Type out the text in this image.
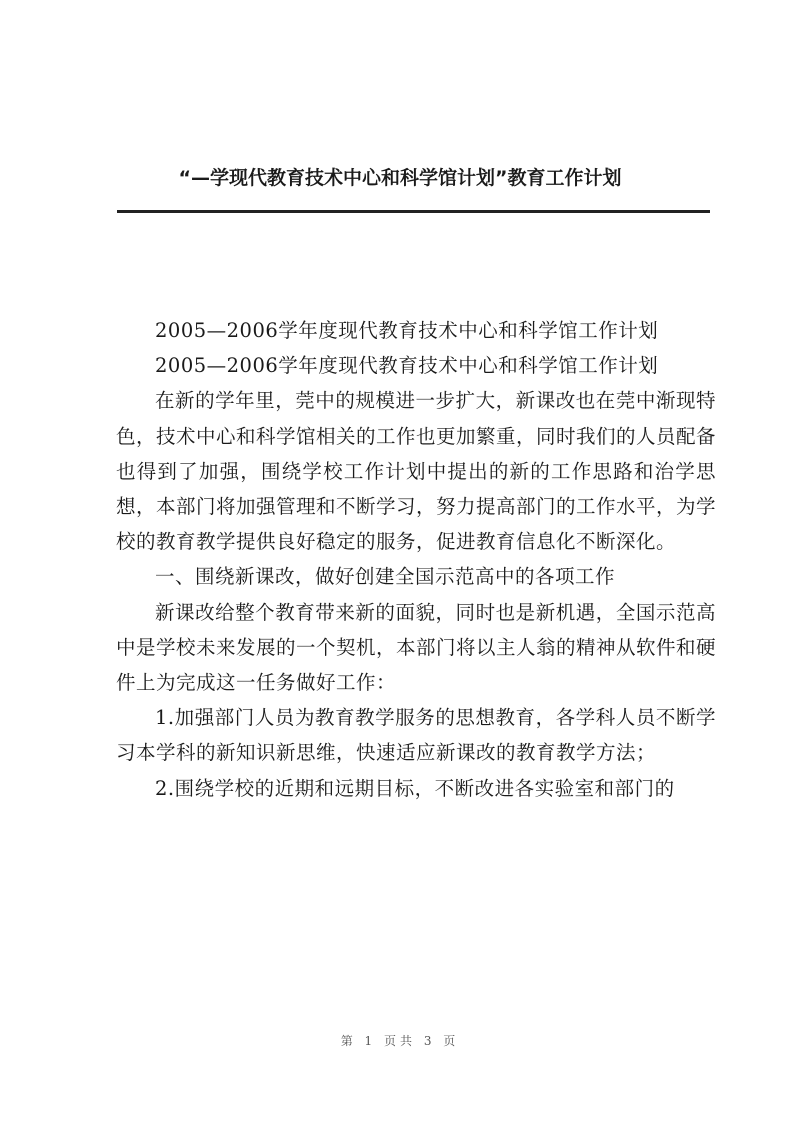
“—学现代教育技术中心和科学馆计划”教育工作计划

2005—2006学年度现代教育技术中心和科学馆工作计划

2005—2006学年度现代教育技术中心和科学馆工作计划

在新的学年里，莞中的规模进一步扩大，新课改也在莞中渐现特色，技术中心和科学馆相关的工作也更加繁重，同时我们的人员配备也得到了加强，围绕学校工作计划中提出的新的工作思路和治学思想，本部门将加强管理和不断学习，努力提高部门的工作水平，为学校的教育教学提供良好稳定的服务，促进教育信息化不断深化。

一、围绕新课改，做好创建全国示范高中的各项工作

新课改给整个教育带来新的面貌，同时也是新机遇，全国示范高中是学校未来发展的一个契机，本部门将以主人翁的精神从软件和硬件上为完成这一任务做好工作：

1.加强部门人员为教育教学服务的思想教育，各学科人员不断学习本学科的新知识新思维，快速适应新课改的教育教学方法；

2.围绕学校的近期和远期目标，不断改进各实验室和部门的

第 1 页共 3 页
